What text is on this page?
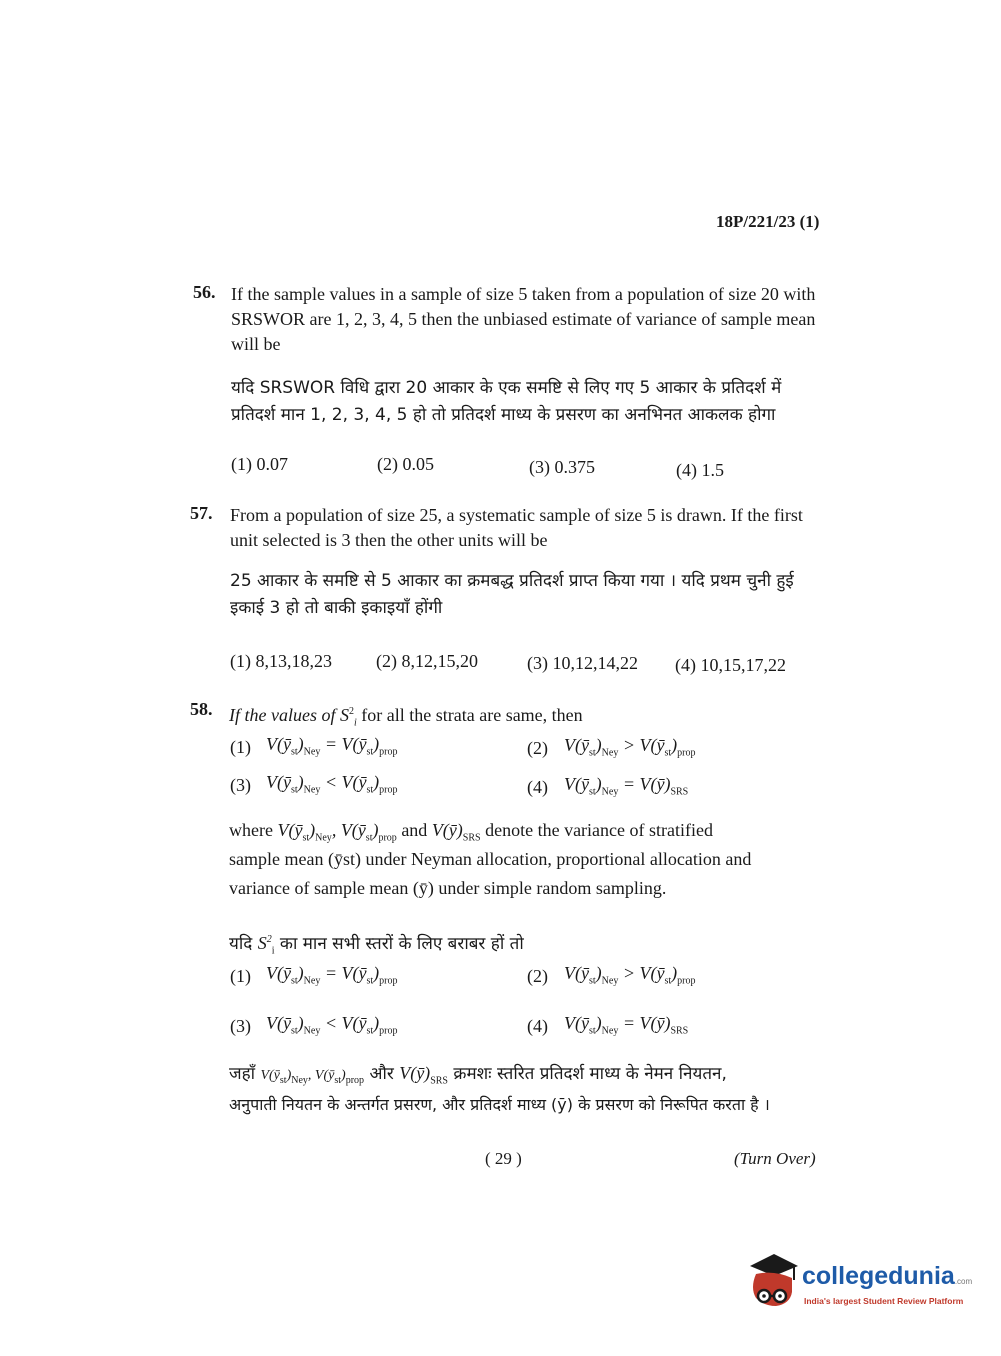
18P/221/23 (1)
56. If the sample values in a sample of size 5 taken from a population of size 20 with SRSWOR are 1, 2, 3, 4, 5 then the unbiased estimate of variance of sample mean will be
यदि SRSWOR विधि द्वारा 20 आकार के एक समष्टि से लिए गए 5 आकार के प्रतिदर्श में प्रतिदर्श मान 1, 2, 3, 4, 5 हो तो प्रतिदर्श माध्य के प्रसरण का अनभिनत आकलक होगा
(1) 0.07	(2) 0.05	(3) 0.375	(4) 1.5
57. From a population of size 25, a systematic sample of size 5 is drawn. If the first unit selected is 3 then the other units will be
25 आकार के समष्टि से 5 आकार का क्रमबद्ध प्रतिदर्श प्राप्त किया गया । यदि प्रथम चुनी हुई इकाई 3 हो तो बाकी इकाइयाँ होंगी
(1) 8,13,18,23 (2) 8,12,15,20	(3) 10,12,14,22 (4) 10,15,17,22
58. If the values of $S^2_i$ for all the strata are same, then
(1) $V(ȳ_{st})_{Ney}$ = $V(ȳ_{st})_{prop}$	(2) $V(ȳ_{st})_{Ney}$ > $V(ȳ_{st})_{prop}$
(3) $V(ȳ_{st})_{Ney}$ < $V(ȳ_{st})_{prop}$	(4) $V(ȳ_{st})_{Ney}$ = $V(ȳ)_{SRS}$
where $V(ȳ_{st})_{Ney}$, $V(ȳ_{st})_{prop}$ and $V(ȳ)_{SRS}$ denote the variance of stratified
sample mean (ȳst) under Neyman allocation, proportional allocation and
variance of sample mean (ȳ) under simple random sampling.
यदि $S^2_i$ का मान सभी स्तरों के लिए बराबर हों तो
(1) $V(ȳ_{st})_{Ney}$ = $V(ȳ_{st})_{prop}$	(2) $V(ȳ_{st})_{Ney}$ > $V(ȳ_{st})_{prop}$
(3) $V(ȳ_{st})_{Ney}$ < $V(ȳ_{st})_{prop}$	(4) $V(ȳ_{st})_{Ney}$ = $V(ȳ)_{SRS}$
जहाँ $V(ȳ_{st})_{Ney}$, $V(ȳ_{st})_{prop}$ और $V(ȳ)_{SRS}$ क्रमशः स्तरित प्रतिदर्श माध्य के नेमन नियतन,
अनुपाती नियतन के अन्तर्गत प्रसरण, और प्रतिदर्श माध्य (ȳ) के प्रसरण को निरूपित करता है ।
( 29 )	(Turn Over)
collegedunia.com
India's largest Student Review Platform
